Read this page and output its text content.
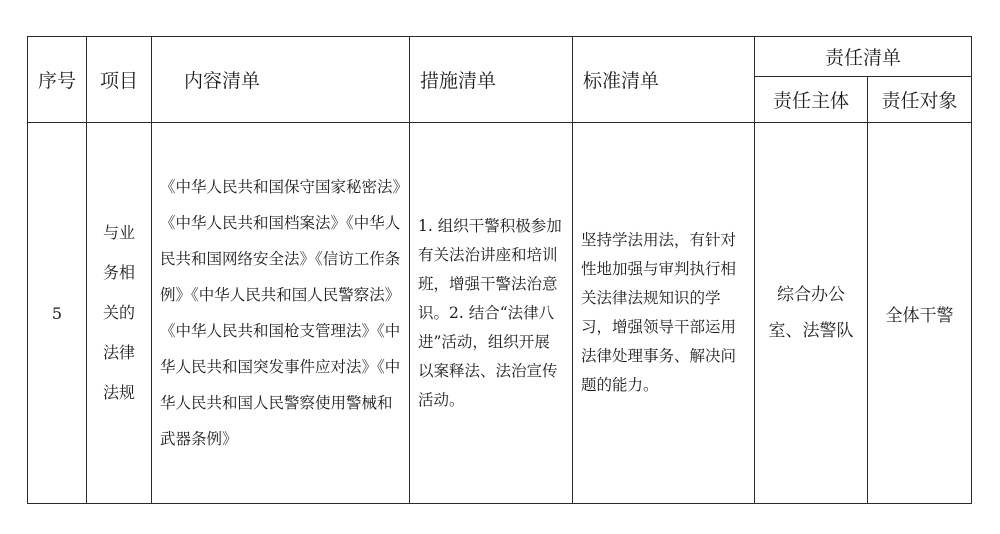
序号	项目	内容清单	措施清单	标准清单	责任清单	
					责任主体	责任对象
5	与业务相关的法律法规	《中华人民共和国保守国家秘密法》《中华人民共和国档案法》《中华人民共和国网络安全法》《信访工作条例》《中华人民共和国人民警察法》《中华人民共和国枪支管理法》《中华人民共和国突发事件应对法》《中华人民共和国人民警察使用警械和武器条例》	1. 组织干警积极参加有关法治讲座和培训班，增强干警法治意识。2. 结合“法律八进”活动，组织开展以案释法、法治宣传活动。	坚持学法用法，有针对性地加强与审判执行相关法律法规知识的学习，增强领导干部运用法律处理事务、解决问题的能力。	综合办公室、法警队	全体干警
